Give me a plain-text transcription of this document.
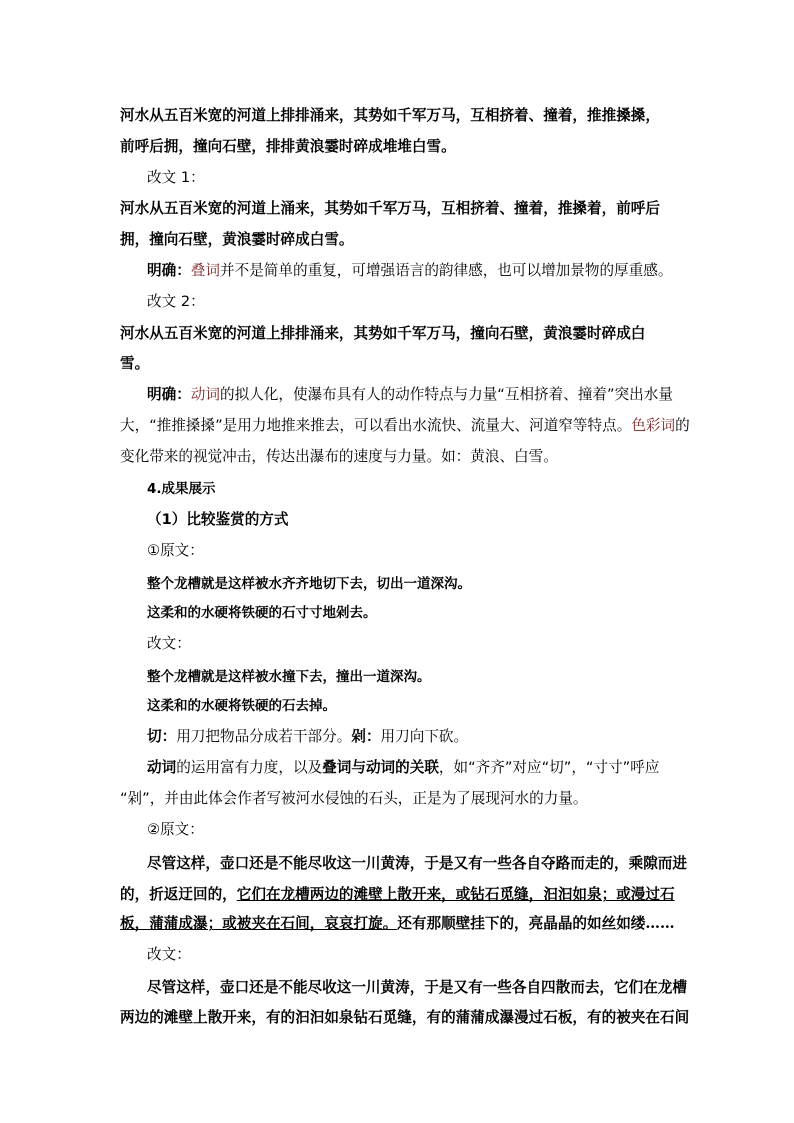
河水从五百米宽的河道上排排涌来，其势如千军万马，互相挤着、撞着，推推搡搡，
前呼后拥，撞向石壁，排排黄浪霎时碎成堆堆白雪。
改文 1：
河水从五百米宽的河道上涌来，其势如千军万马，互相挤着、撞着，推搡着，前呼后
拥，撞向石壁，黄浪霎时碎成白雪。
明确：叠词并不是简单的重复，可增强语言的韵律感，也可以增加景物的厚重感。
改文 2：
河水从五百米宽的河道上排排涌来，其势如千军万马，撞向石壁，黄浪霎时碎成白
雪。
明确：动词的拟人化，使瀑布具有人的动作特点与力量“互相挤着、撞着”突出水量
大，“推推搡搡”是用力地推来推去，可以看出水流快、流量大、河道窄等特点。色彩词的
变化带来的视觉冲击，传达出瀑布的速度与力量。如：黄浪、白雪。
4.成果展示
（1）比较鉴赏的方式
①原文：
整个龙槽就是这样被水齐齐地切下去，切出一道深沟。
这柔和的水硬将铁硬的石寸寸地剁去。
改文：
整个龙槽就是这样被水撞下去，撞出一道深沟。
这柔和的水硬将铁硬的石去掉。
切：用刀把物品分成若干部分。剁：用刀向下砍。
动词的运用富有力度，以及叠词与动词的关联，如“齐齐”对应“切”，“寸寸”呼应
“剁”，并由此体会作者写被河水侵蚀的石头，正是为了展现河水的力量。
②原文：
尽管这样，壶口还是不能尽收这一川黄涛，于是又有一些各自夺路而走的，乘隙而进
的，折返迂回的，它们在龙槽两边的滩壁上散开来，或钻石觅缝，汩汩如泉；或漫过石
板，蒲蒲成瀑；或被夹在石间，哀哀打旋。还有那顺壁挂下的，亮晶晶的如丝如缕……
改文：
尽管这样，壶口还是不能尽收这一川黄涛，于是又有一些各自四散而去，它们在龙槽
两边的滩壁上散开来，有的汩汩如泉钻石觅缝，有的蒲蒲成瀑漫过石板，有的被夹在石间
